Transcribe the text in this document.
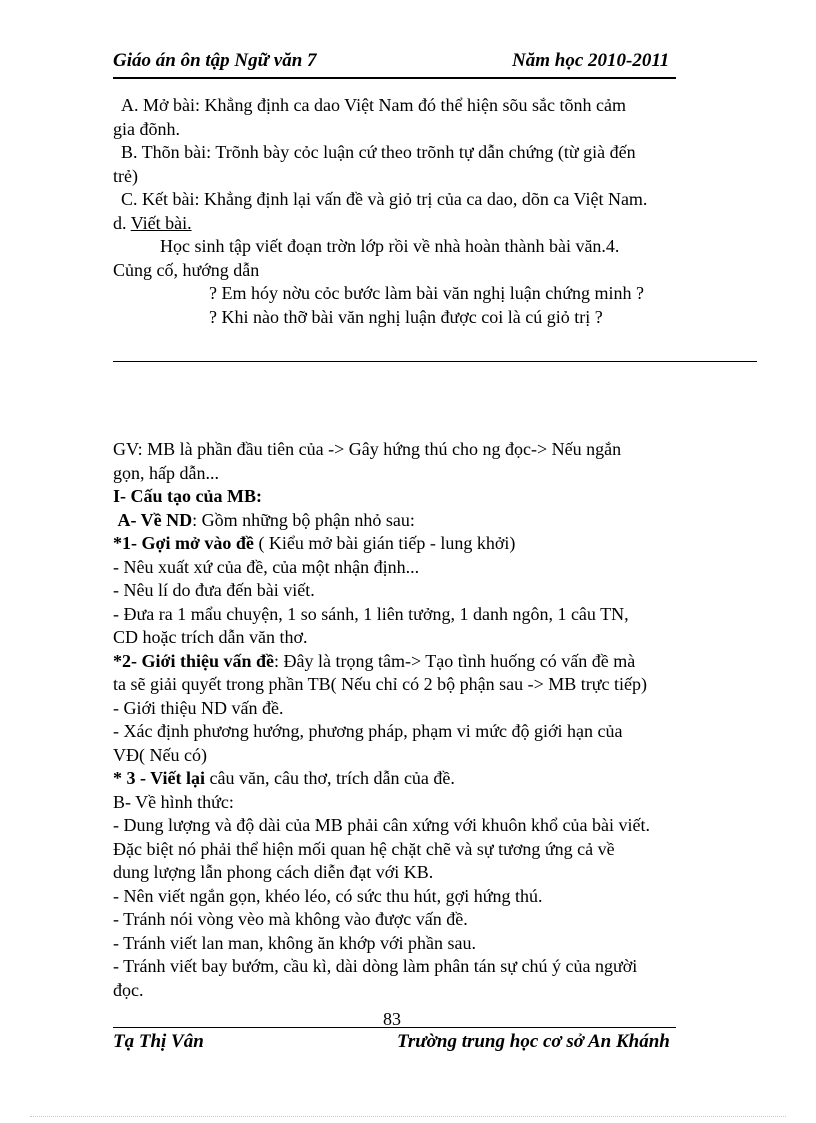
Giáo án ôn tập Ngữ văn 7	Năm học 2010-2011
A. Mở bài: Khẳng định ca dao Việt Nam đó thể hiện sõu sắc tõnh cảm
gia đõnh.
B. Thõn bài: Trõnh bày cỏc luận cứ theo trõnh tự dẫn chứng (từ già đến
trẻ)
C. Kết bài: Khẳng định lại vấn đề và giỏ trị của ca dao, dõn ca Việt Nam.
d. Viết bài.
Học sinh tập viết đoạn trờn lớp rồi về nhà hoàn thành bài văn.4.
Củng cố, hướng dẫn
? Em hóy nờu cỏc bước làm bài văn nghị luận chứng minh ?
? Khi nào thỡ bài văn nghị luận được coi là cú giỏ trị ?
GV: MB là phần đầu tiên của -> Gây hứng thú cho ng đọc-> Nếu ngắn
gọn, hấp dẫn...
I- Cấu tạo của MB:
A- Về ND: Gồm những bộ phận nhỏ sau:
*1- Gợi mở vào đề ( Kiểu mở bài gián tiếp - lung khởi)
- Nêu xuất xứ của đề, của một nhận định...
- Nêu lí do đưa đến bài viết.
- Đưa ra 1 mẩu chuyện, 1 so sánh, 1 liên tưởng, 1 danh ngôn, 1 câu TN,
CD hoặc trích dẫn văn thơ.
*2- Giới thiệu vấn đề: Đây là trọng tâm-> Tạo tình huống có vấn đề mà
ta sẽ giải quyết trong phần TB( Nếu chỉ có 2 bộ phận sau -> MB trực tiếp)
- Giới thiệu ND vấn đề.
- Xác định phương hướng, phương pháp, phạm vi mức độ giới hạn của
VĐ( Nếu có)
* 3 - Viết lại câu văn, câu thơ, trích dẫn của đề.
B- Về hình thức:
- Dung lượng và độ dài của MB phải cân xứng với khuôn khổ của bài viết.
Đặc biệt nó phải thể hiện mối quan hệ chặt chẽ và sự tương ứng cả về
dung lượng lẫn phong cách diễn đạt với KB.
- Nên viết ngắn gọn, khéo léo, có sức thu hút, gợi hứng thú.
- Tránh nói vòng vèo mà không vào được vấn đề.
- Tránh viết lan man, không ăn khớp với phần sau.
- Tránh viết bay bướm, cầu kì, dài dòng làm phân tán sự chú ý của người
đọc.
83
Tạ Thị Vân	Trường trung học cơ sở An Khánh
